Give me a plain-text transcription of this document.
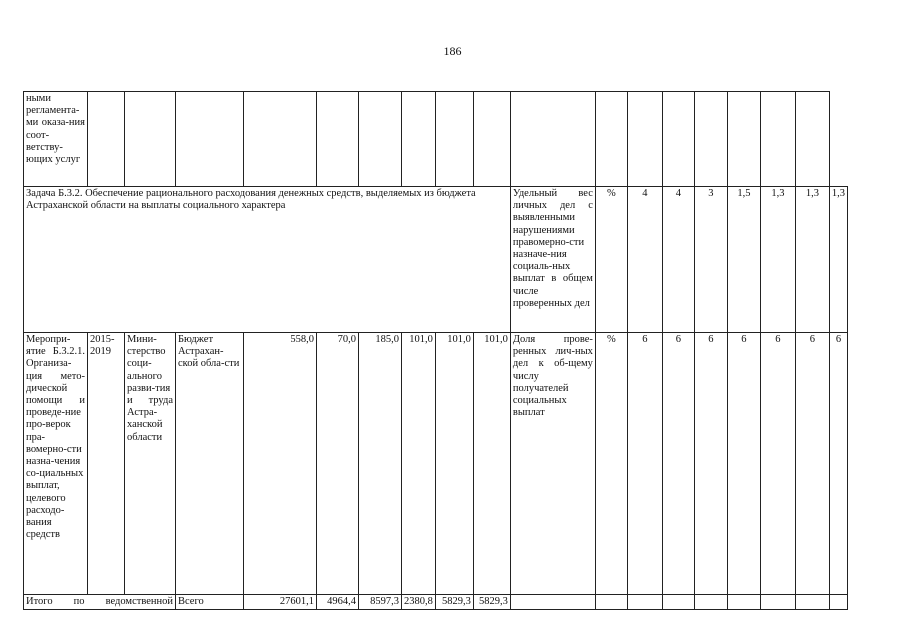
186
ными регламента-ми оказа-ния соот-ветству-ющих услуг																		
Задача Б.3.2. Обеспечение рационального расходования денежных средств, выделяемых из бюджета Астраханской области на выплаты социального характера										Удельный вес личных дел с выявленными нарушениями правомерно-сти назначе-ния социаль-ных выплат в общем числе проверенных дел	%	4	4	3	1,5	1,3	1,3	1,3
Меропри-ятие Б.3.2.1. Организа-ция мето-дической помощи и проведе-ние про-верок пра-вомерно-сти назна-чения со-циальных выплат, целевого расходо-вания средств	2015-2019	Мини-стерство соци-ального разви-тия и труда Астра-ханской области	Бюджет Астрахан-ской обла-сти	558,0	70,0	185,0	101,0	101,0	101,0	Доля прове-ренных лич-ных дел к об-щему числу получателей социальных выплат	%	6	6	6	6	6	6	6
Итого по ведомственной			Всего	27601,1	4964,4	8597,3	2380,8	5829,3	5829,3									
